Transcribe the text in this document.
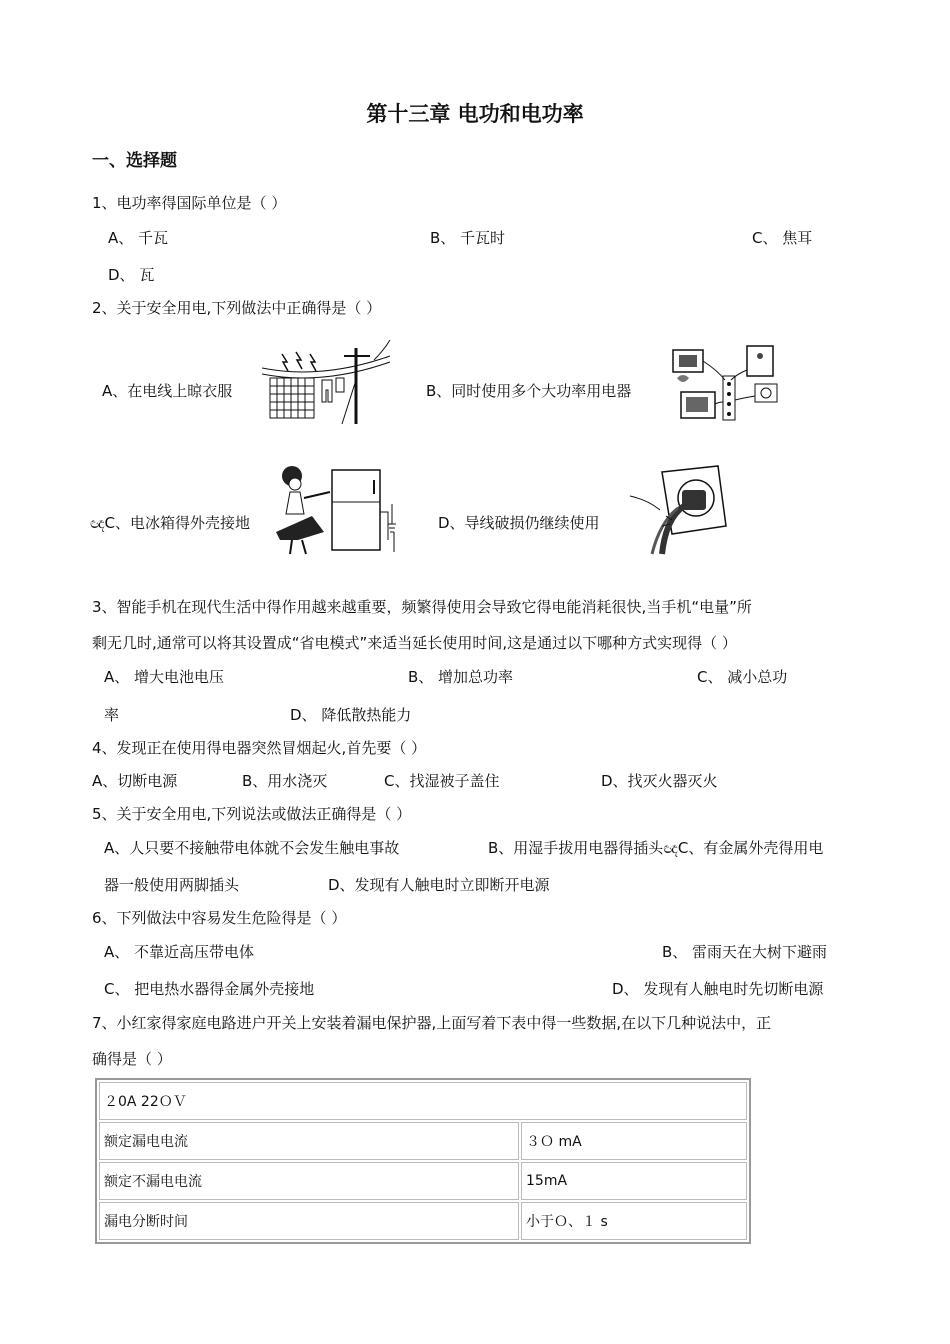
第十三章 电功和电功率
一、选择题
1、电功率得国际单位是（ ）
A、 千瓦	B、 千瓦时	C、 焦耳
D、 瓦
2、关于安全用电,下列做法中正确得是（ ）
A、在电线上晾衣服	B、同时使用多个大功率用电器
ඥC、电冰箱得外壳接地	D、导线破损仍继续使用
3、智能手机在现代生活中得作用越来越重要，频繁得使用会导致它得电能消耗很快,当手机“电量”所
剩无几时,通常可以将其设置成“省电模式”来适当延长使用时间,这是通过以下哪种方式实现得（ ）
A、 增大电池电压	B、 增加总功率	C、 减小总功
率	D、 降低散热能力
4、发现正在使用得电器突然冒烟起火,首先要（ ）
A、切断电源	B、用水浇灭	C、找湿被子盖住	D、找灭火器灭火
5、关于安全用电,下列说法或做法正确得是（ ）
A、人只要不接触带电体就不会发生触电事故	B、用湿手拔用电器得插头ඥC、有金属外壳得用电
器一般使用两脚插头	D、发现有人触电时立即断开电源
6、下列做法中容易发生危险得是（ ）
A、 不靠近高压带电体	B、 雷雨天在大树下避雨
C、 把电热水器得金属外壳接地	D、 发现有人触电时先切断电源
7、小红家得家庭电路进户开关上安装着漏电保护器,上面写着下表中得一些数据,在以下几种说法中，正
确得是（ ）
２0A 22ＯＶ	
额定漏电电流	３Ｏ mA
额定不漏电电流	15mA
漏电分断时间	小于Ｏ、１ s
